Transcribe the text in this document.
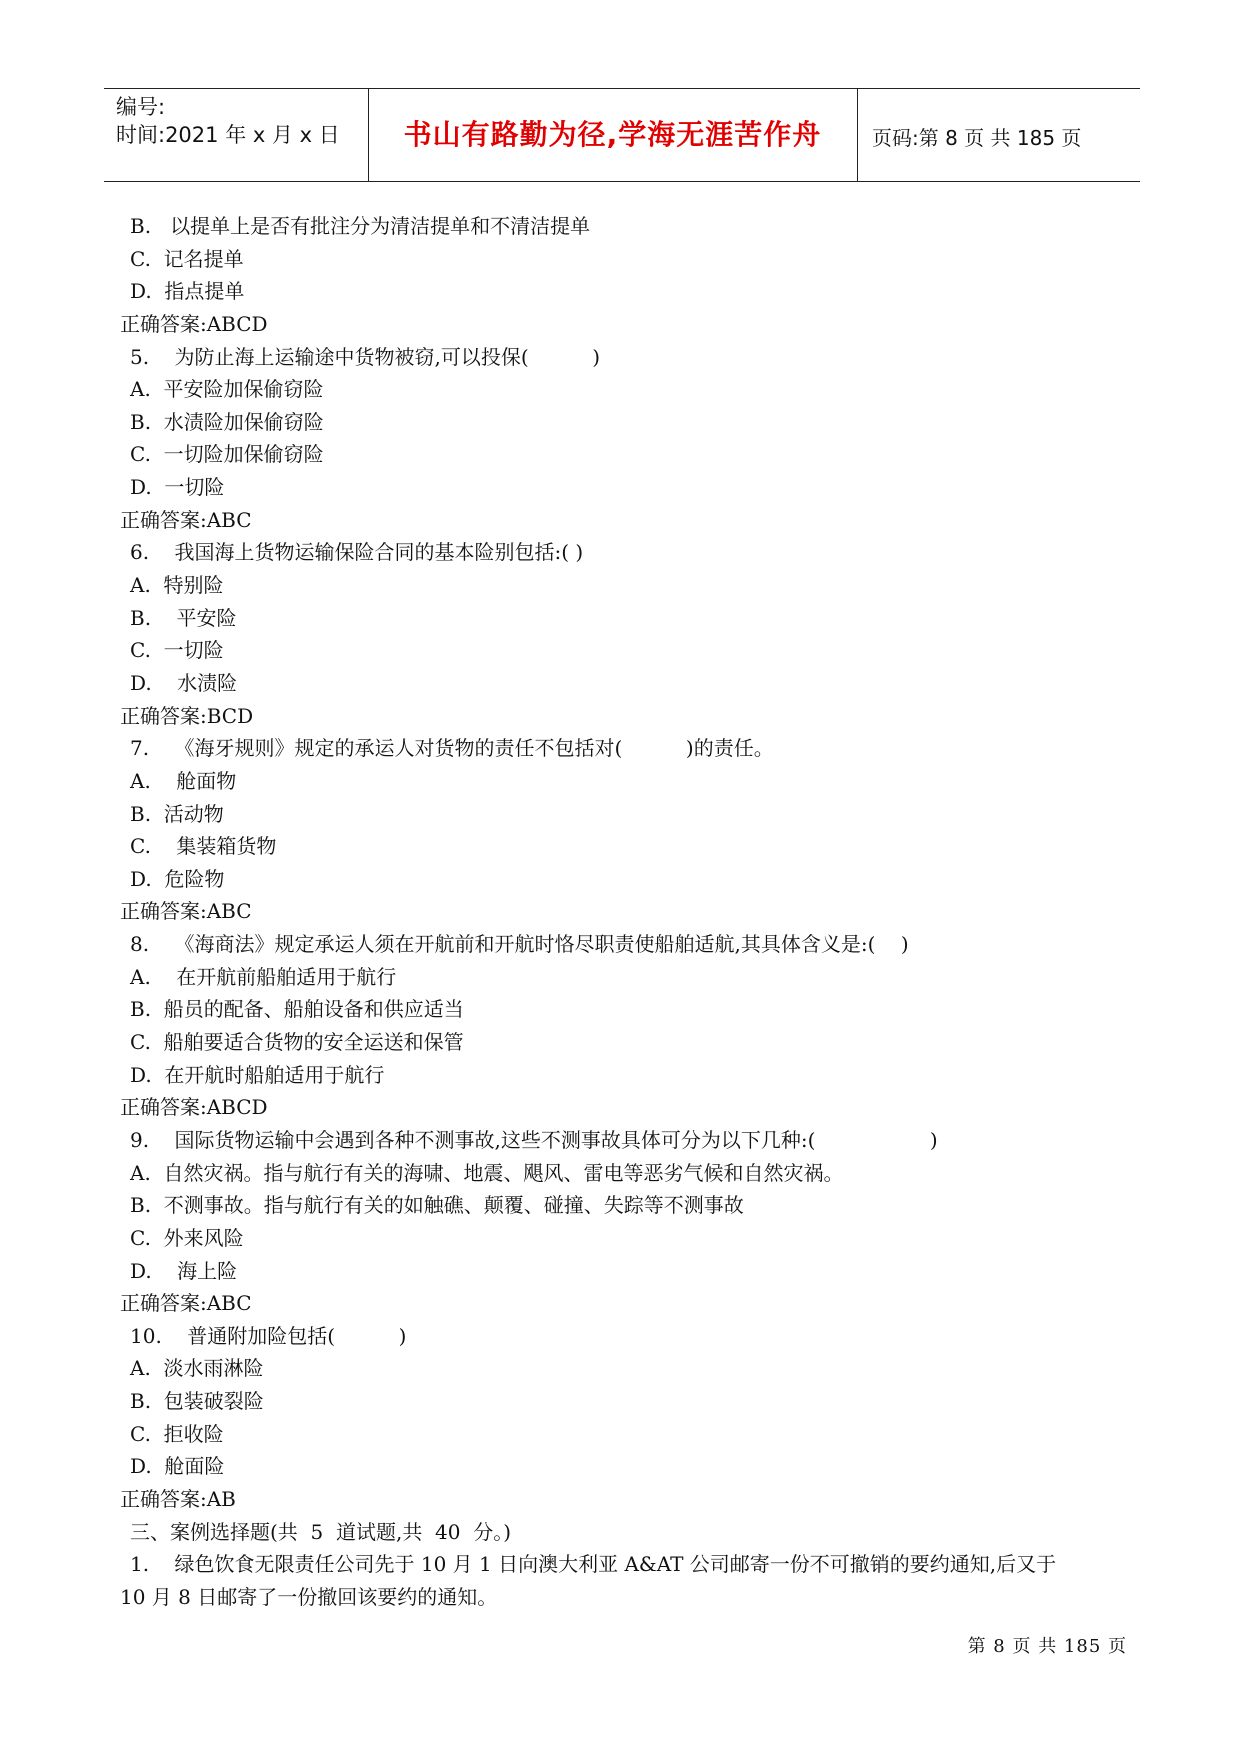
编号:
时间:2021 年 x 月 x 日	书山有路勤为径,学海无涯苦作舟	页码:第 8 页 共 185 页
B.   以提单上是否有批注分为清洁提单和不清洁提单
C.  记名提单
D.  指点提单
正确答案:ABCD
5.    为防止海上运输途中货物被窃,可以投保(          )
A.  平安险加保偷窃险
B.  水渍险加保偷窃险
C.  一切险加保偷窃险
D.  一切险
正确答案:ABC
6.    我国海上货物运输保险合同的基本险别包括:( )
A.  特别险
B.    平安险
C.  一切险
D.    水渍险
正确答案:BCD
7.    《海牙规则》规定的承运人对货物的责任不包括对(          )的责任。
A.    舱面物
B.  活动物
C.    集装箱货物
D.  危险物
正确答案:ABC
8.    《海商法》规定承运人须在开航前和开航时恪尽职责使船舶适航,其具体含义是:(    )
A.    在开航前船舶适用于航行
B.  船员的配备、船舶设备和供应适当
C.  船舶要适合货物的安全运送和保管
D.  在开航时船舶适用于航行
正确答案:ABCD
9.    国际货物运输中会遇到各种不测事故,这些不测事故具体可分为以下几种:(                  )
A.  自然灾祸。指与航行有关的海啸、地震、飓风、雷电等恶劣气候和自然灾祸。
B.  不测事故。指与航行有关的如触礁、颠覆、碰撞、失踪等不测事故
C.  外来风险
D.    海上险
正确答案:ABC
10.    普通附加险包括(          )
A.  淡水雨淋险
B.  包装破裂险
C.  拒收险
D.  舱面险
正确答案:AB
三、案例选择题(共  5  道试题,共  40  分。)
1.    绿色饮食无限责任公司先于 10 月 1 日向澳大利亚 A&AT 公司邮寄一份不可撤销的要约通知,后又于
10 月 8 日邮寄了一份撤回该要约的通知。
第 8 页 共 185 页
